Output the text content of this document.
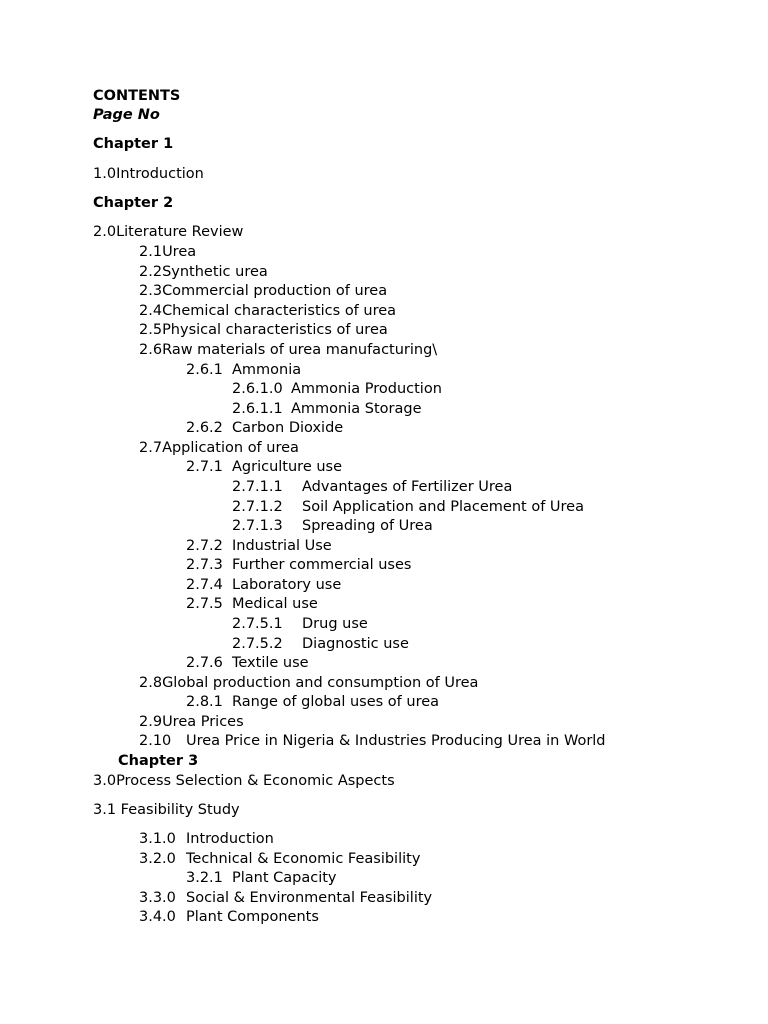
CONTENTS
Page No
Chapter 1
1.0Introduction
Chapter 2
2.0Literature Review
2.1Urea
2.2Synthetic urea
2.3Commercial production of urea
2.4Chemical characteristics of urea
2.5Physical characteristics of urea
2.6Raw materials of urea manufacturing\
2.6.1 Ammonia
2.6.1.0 Ammonia Production
2.6.1.1 Ammonia Storage
2.6.2 Carbon Dioxide
2.7Application of urea
2.7.1 Agriculture use
2.7.1.1 Advantages of Fertilizer Urea
2.7.1.2 Soil Application and Placement of Urea
2.7.1.3 Spreading of Urea
2.7.2 Industrial Use
2.7.3 Further commercial uses
2.7.4 Laboratory use
2.7.5 Medical use
2.7.5.1 Drug use
2.7.5.2 Diagnostic use
2.7.6 Textile use
2.8Global production and consumption of Urea
2.8.1 Range of global uses of urea
2.9Urea Prices
2.10 Urea Price in Nigeria & Industries Producing Urea in World
Chapter 3
3.0Process Selection & Economic Aspects
3.1 Feasibility Study
3.1.0 Introduction
3.2.0 Technical & Economic Feasibility
3.2.1 Plant Capacity
3.3.0 Social & Environmental Feasibility
3.4.0 Plant Components
